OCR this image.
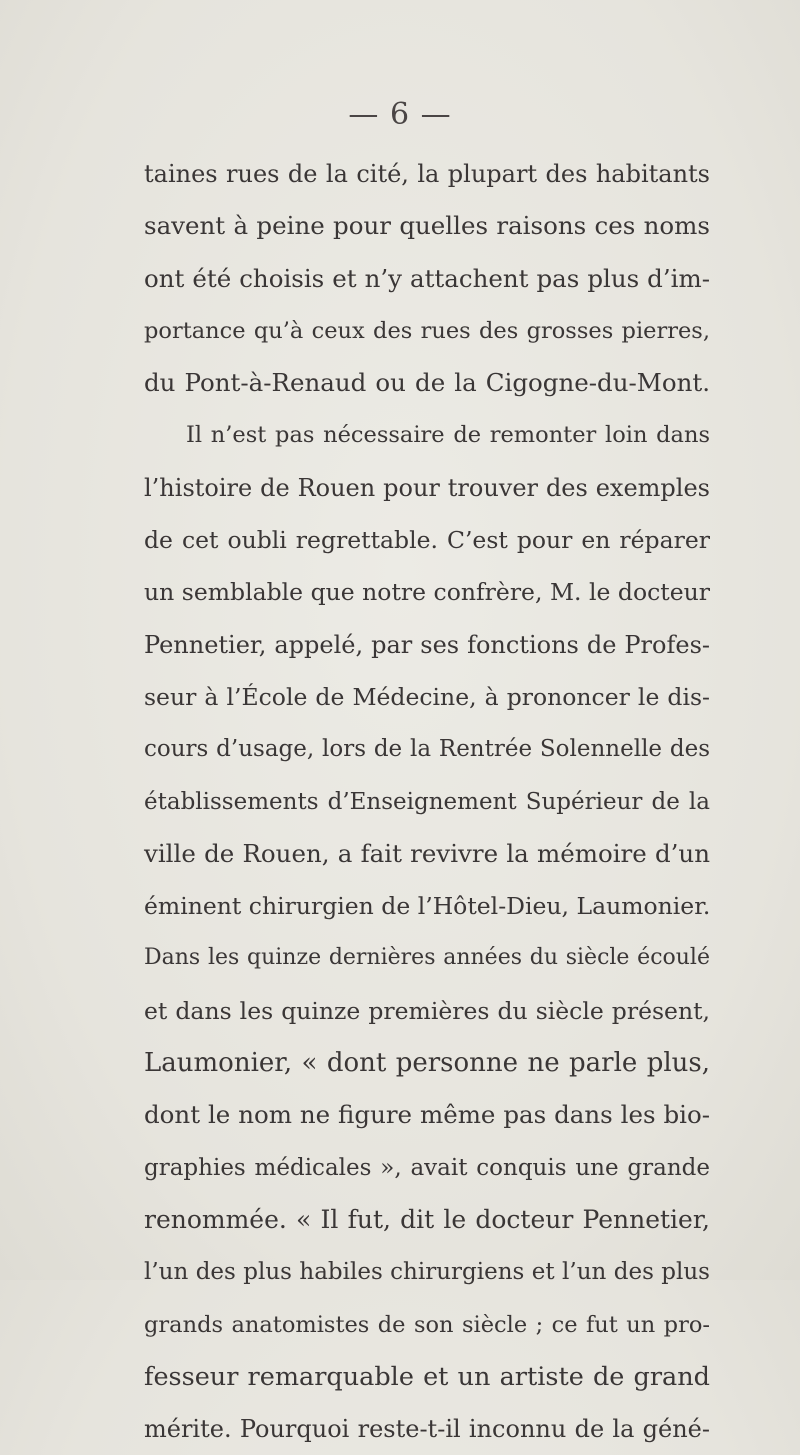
— 6 —
taines rues de la cité, la plupart des habitants
savent à peine pour quelles raisons ces noms
ont été choisis et n’y attachent pas plus d’im-
portance qu’à ceux des rues des grosses pierres,
du Pont-à-Renaud ou de la Cigogne-du-Mont.
Il n’est pas nécessaire de remonter loin dans
l’histoire de Rouen pour trouver des exemples
de cet oubli regrettable. C’est pour en réparer
un semblable que notre confrère, M. le docteur
Pennetier, appelé, par ses fonctions de Profes-
seur à l’École de Médecine, à prononcer le dis-
cours d’usage, lors de la Rentrée Solennelle des
établissements d’Enseignement Supérieur de la
ville de Rouen, a fait revivre la mémoire d’un
éminent chirurgien de l’Hôtel-Dieu, Laumonier.
Dans les quinze dernières années du siècle écoulé
et dans les quinze premières du siècle présent,
Laumonier, « dont personne ne parle plus,
dont le nom ne figure même pas dans les bio-
graphies médicales », avait conquis une grande
renommée. « Il fut, dit le docteur Pennetier,
l’un des plus habiles chirurgiens et l’un des plus
grands anatomistes de son siècle ; ce fut un pro-
fesseur remarquable et un artiste de grand
mérite. Pourquoi reste-t-il inconnu de la géné-
